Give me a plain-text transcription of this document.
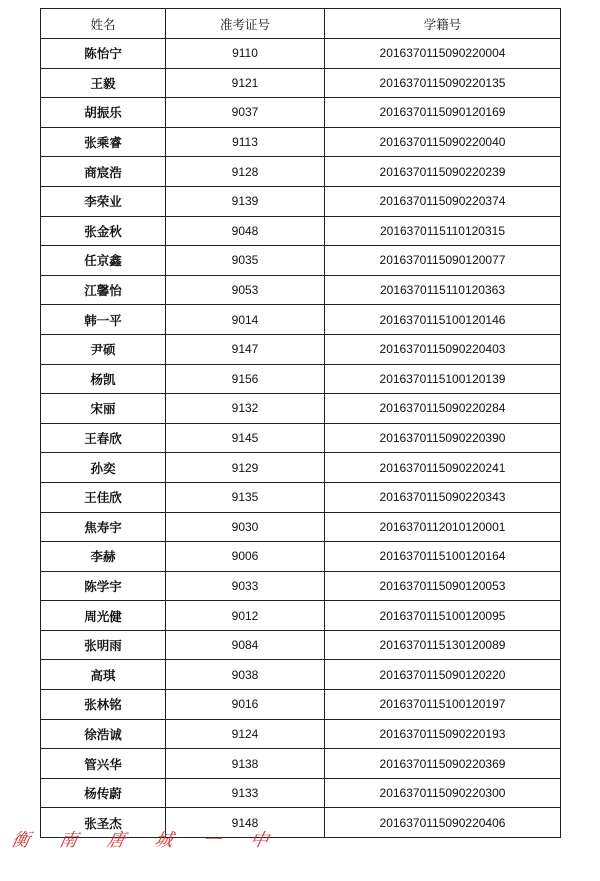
姓名	准考证号	学籍号
陈怡宁	9110	2016370115090220004
王毅	9121	2016370115090220135
胡振乐	9037	2016370115090120169
张乘睿	9113	2016370115090220040
商宸浩	9128	2016370115090220239
李荣业	9139	2016370115090220374
张金秋	9048	2016370115110120315
任京鑫	9035	2016370115090120077
江馨怡	9053	2016370115110120363
韩一平	9014	2016370115100120146
尹硕	9147	2016370115090220403
杨凯	9156	2016370115100120139
宋丽	9132	2016370115090220284
王春欣	9145	2016370115090220390
孙奕	9129	2016370115090220241
王佳欣	9135	2016370115090220343
焦寿宇	9030	2016370112010120001
李赫	9006	2016370115100120164
陈学宇	9033	2016370115090120053
周光健	9012	2016370115100120095
张明雨	9084	2016370115130120089
高琪	9038	2016370115090120220
张林铭	9016	2016370115100120197
徐浩诚	9124	2016370115090220193
管兴华	9138	2016370115090220369
杨传蔚	9133	2016370115090220300
张圣杰	9148	2016370115090220406
衡 南 唐 城 一 中
